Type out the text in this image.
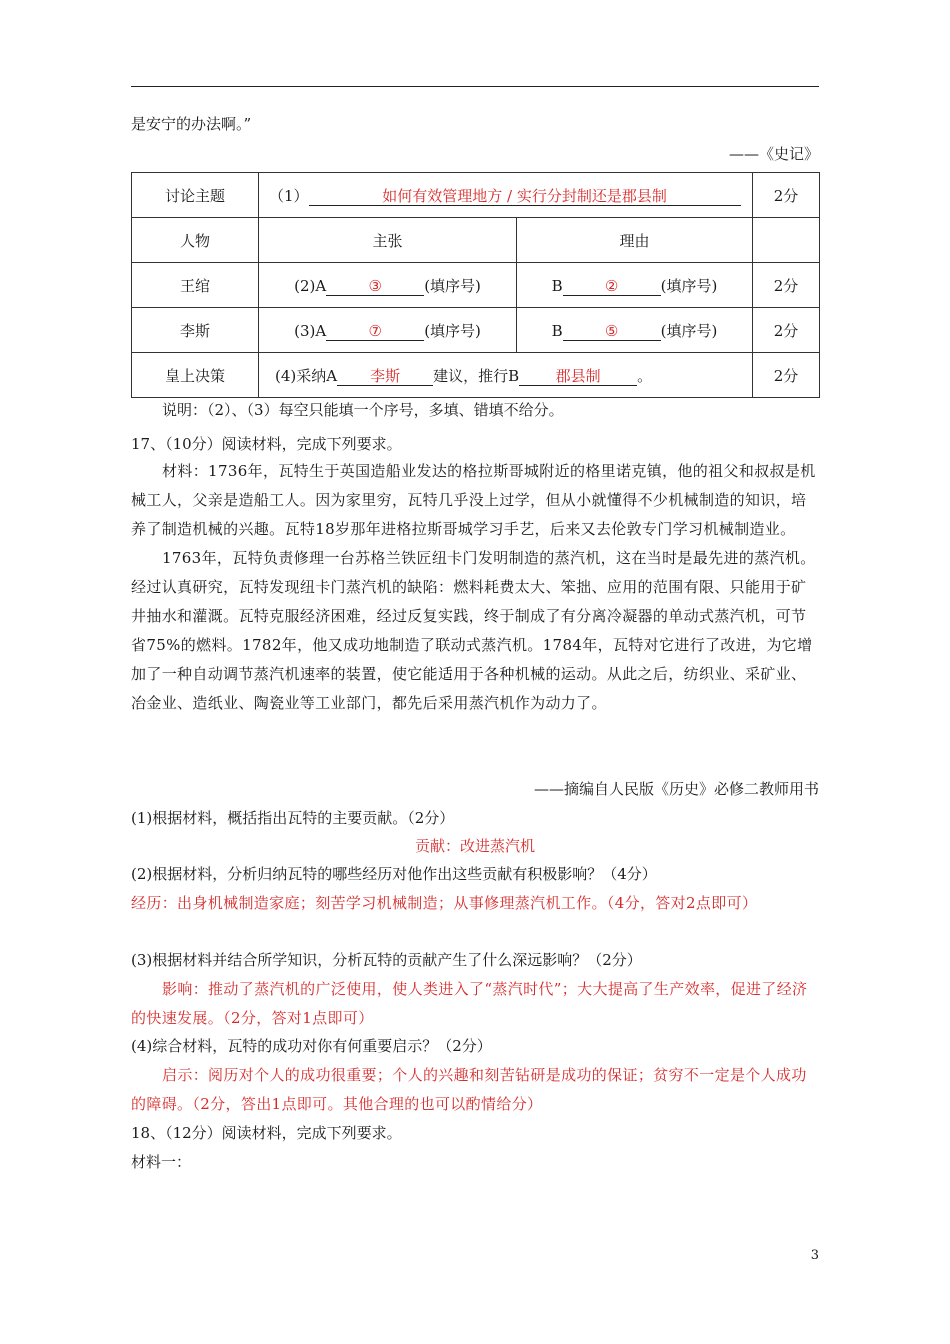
是安宁的办法啊。”
——《史记》
讨论主题	（1） 如何有效管理地方 / 实行分封制还是郡县制		2分
人物	主张	理由	
王绾	(2)A ③ (填序号)	B ② (填序号)	2分
李斯	(3)A ⑦ (填序号)	B ⑤ (填序号)	2分
皇上决策	(4)采纳A 李斯 建议，推行B 郡县制 。		2分
说明：（2）、（3）每空只能填一个序号，多填、错填不给分。
17、（10分）阅读材料，完成下列要求。

材料：1736年，瓦特生于英国造船业发达的格拉斯哥城附近的格里诺克镇，他的祖父和叔叔是机械工人，父亲是造船工人。因为家里穷，瓦特几乎没上过学，但从小就懂得不少机械制造的知识，培养了制造机械的兴趣。瓦特18岁那年进格拉斯哥城学习手艺，后来又去伦敦专门学习机械制造业。

1763年，瓦特负责修理一台苏格兰铁匠纽卡门发明制造的蒸汽机，这在当时是最先进的蒸汽机。经过认真研究，瓦特发现纽卡门蒸汽机的缺陷：燃料耗费太大、笨拙、应用的范围有限、只能用于矿井抽水和灌溉。瓦特克服经济困难，经过反复实践，终于制成了有分离冷凝器的单动式蒸汽机，可节省75%的燃料。1782年，他又成功地制造了联动式蒸汽机。1784年，瓦特对它进行了改进，为它增加了一种自动调节蒸汽机速率的装置，使它能适用于各种机械的运动。从此之后，纺织业、采矿业、冶金业、造纸业、陶瓷业等工业部门，都先后采用蒸汽机作为动力了。

——摘编自人民版《历史》必修二教师用书
(1)根据材料，概括指出瓦特的主要贡献。（2分）
贡献：改进蒸汽机
(2)根据材料，分析归纳瓦特的哪些经历对他作出这些贡献有积极影响？（4分）
经历：出身机械制造家庭；刻苦学习机械制造；从事修理蒸汽机工作。（4分，答对2点即可）
(3)根据材料并结合所学知识，分析瓦特的贡献产生了什么深远影响？（2分）

影响：推动了蒸汽机的广泛使用，使人类进入了“蒸汽时代”；大大提高了生产效率，促进了经济的快速发展。（2分，答对1点即可）

(4)综合材料，瓦特的成功对你有何重要启示？（2分）

启示：阅历对个人的成功很重要；个人的兴趣和刻苦钻研是成功的保证；贫穷不一定是个人成功的障碍。（2分，答出1点即可。其他合理的也可以酌情给分）

18、（12分）阅读材料，完成下列要求。
材料一：
3
